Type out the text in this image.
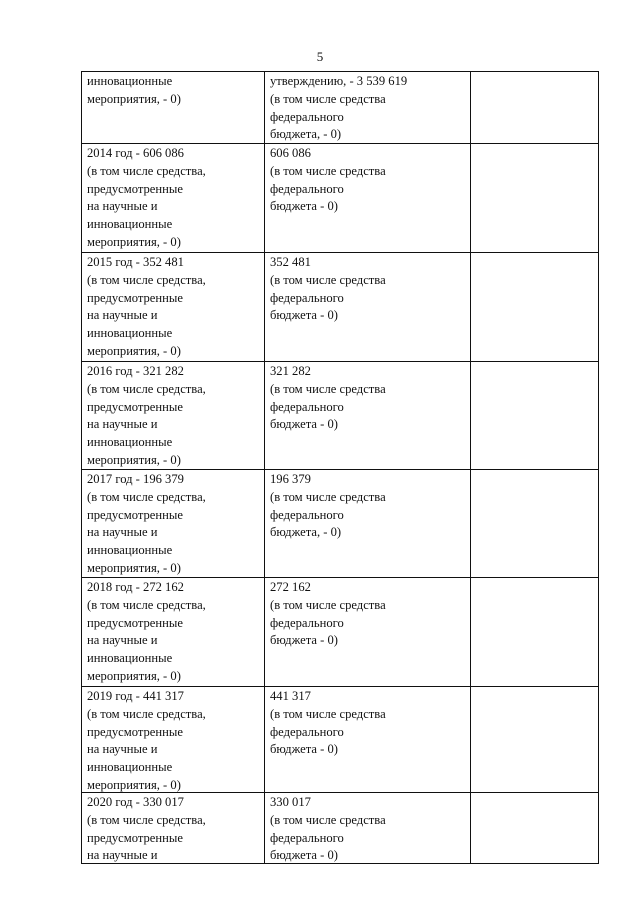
5
инновационные
мероприятия, - 0)
утверждению, - 3 539 619
(в том числе средства
федерального
бюджета, - 0)
2014 год - 606 086
(в том числе средства,
предусмотренные
на научные и
инновационные
мероприятия, - 0)
606 086
(в том числе средства
федерального
бюджета - 0)
2015 год - 352 481
(в том числе средства,
предусмотренные
на научные и
инновационные
мероприятия, - 0)
352 481
(в том числе средства
федерального
бюджета - 0)
2016 год - 321 282
(в том числе средства,
предусмотренные
на научные и
инновационные
мероприятия, - 0)
321 282
(в том числе средства
федерального
бюджета - 0)
2017 год - 196 379
(в том числе средства,
предусмотренные
на научные и
инновационные
мероприятия, - 0)
196 379
(в том числе средства
федерального
бюджета, - 0)
2018 год - 272 162
(в том числе средства,
предусмотренные
на научные и
инновационные
мероприятия, - 0)
272 162
(в том числе средства
федерального
бюджета - 0)
2019 год - 441 317
(в том числе средства,
предусмотренные
на научные и
инновационные
мероприятия, - 0)
441 317
(в том числе средства
федерального
бюджета - 0)
2020 год - 330 017
(в том числе средства,
предусмотренные
на научные и
330 017
(в том числе средства
федерального
бюджета - 0)
